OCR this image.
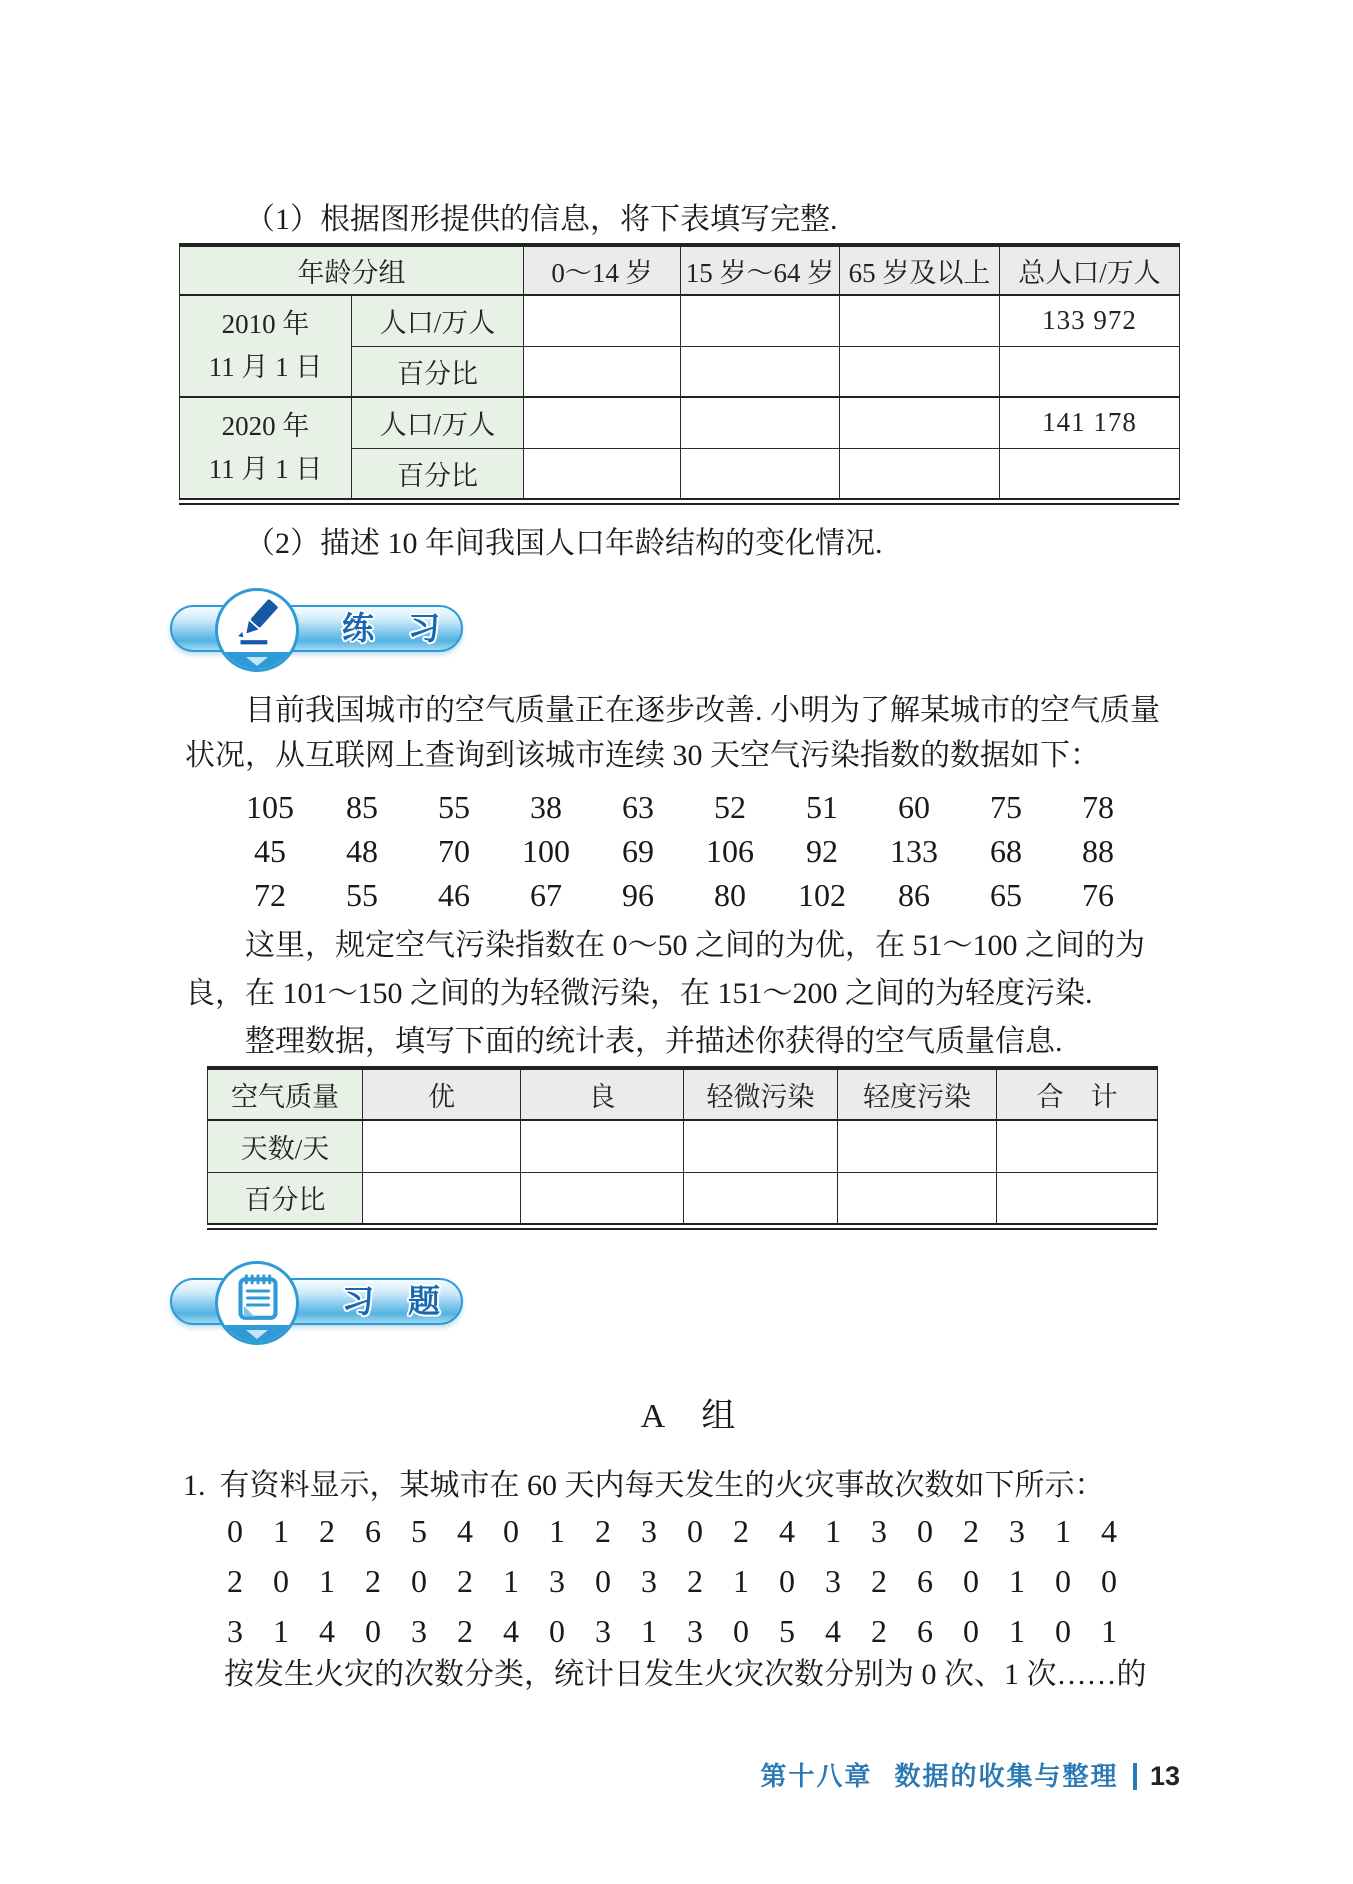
（1）根据图形提供的信息，将下表填写完整.
年龄分组		0～14 岁	15 岁～64 岁	65 岁及以上	总人口/万人

2010 年
11 月 1 日	人口/万人				133 972
	百分比				

2020 年
11 月 1 日	人口/万人				141 178
	百分比				
（2）描述 10 年间我国人口年龄结构的变化情况.
练　习
目前我国城市的空气质量正在逐步改善. 小明为了解某城市的空气质量
状况，从互联网上查询到该城市连续 30 天空气污染指数的数据如下：
105	85	55	38	63	52	51	60	75	78
45	48	70	100	69	106	92	133	68	88
72	55	46	67	96	80	102	86	65	76
这里，规定空气污染指数在 0～50 之间的为优，在 51～100 之间的为
良，在 101～150 之间的为轻微污染，在 151～200 之间的为轻度污染.
整理数据，填写下面的统计表，并描述你获得的空气质量信息.
空气质量	优	良	轻微污染	轻度污染	合　计
天数/天					
百分比					
习　题
A　组
1. 有资料显示，某城市在 60 天内每天发生的火灾事故次数如下所示：
0 1 2 6 5 4 0 1 2 3 0 2 4 1 3 0 2 3 1 4
2 0 1 2 0 2 1 3 0 3 2 1 0 3 2 6 0 1 0 0
3 1 4 0 3 2 4 0 3 1 3 0 5 4 2 6 0 1 0 1
按发生火灾的次数分类，统计日发生火灾次数分别为 0 次、1 次……的
第十八章 数据的收集与整理 13
